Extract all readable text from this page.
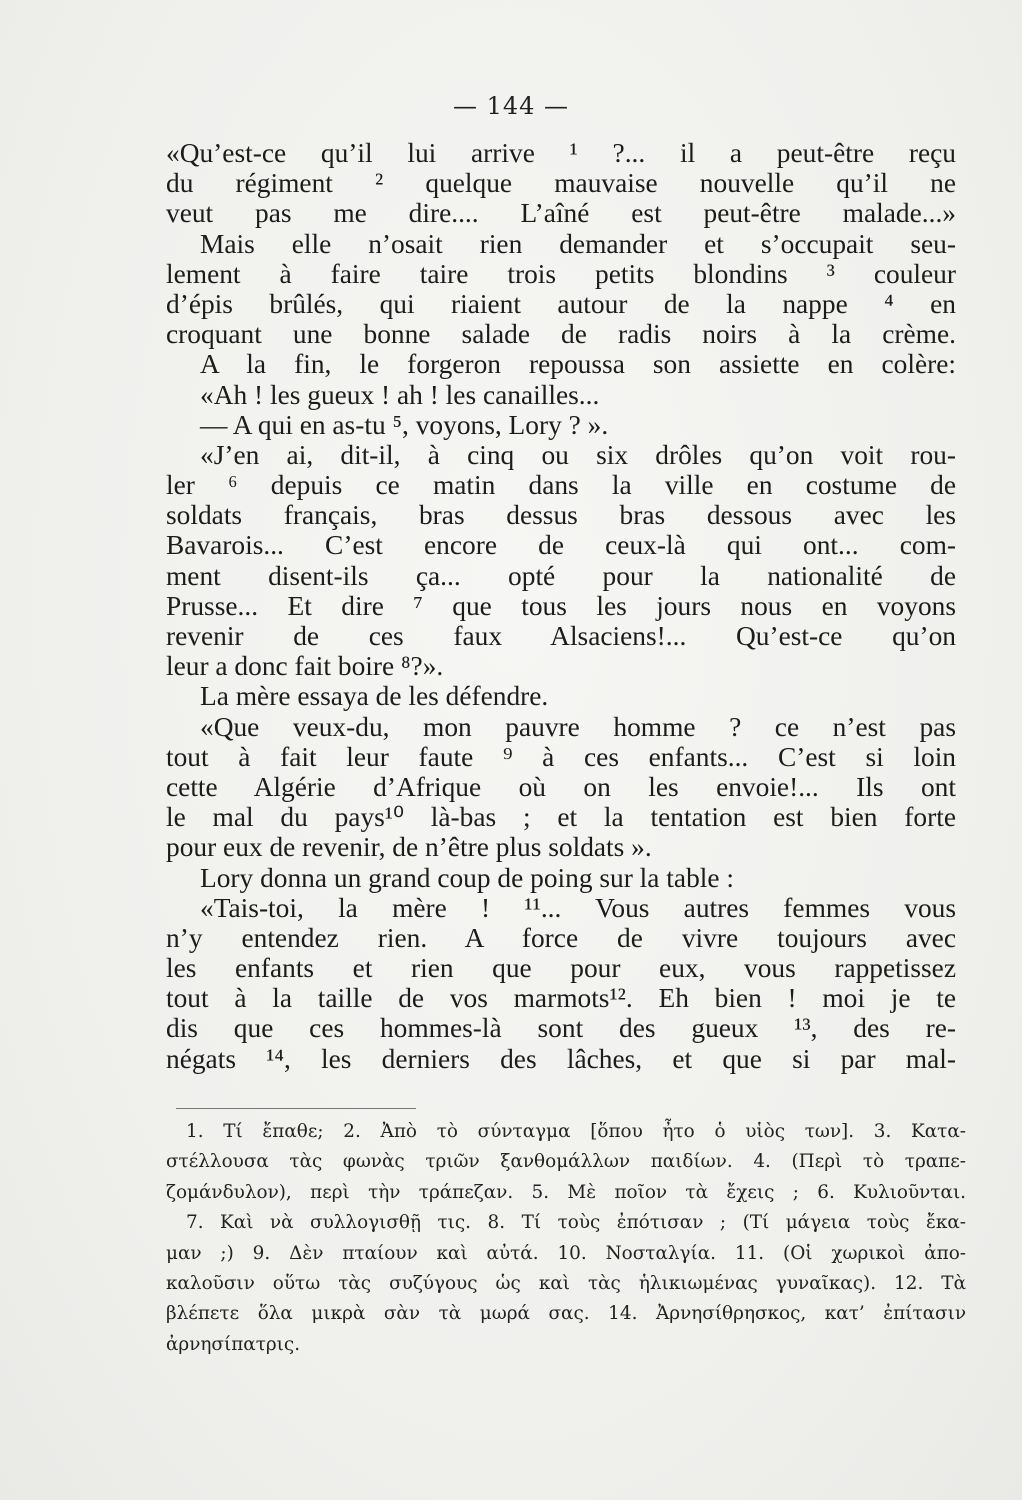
— 144 —
«Qu’est-ce qu’il lui arrive ¹ ?... il a peut-être reçu
du régiment ² quelque mauvaise nouvelle qu’il ne
veut pas me dire.... L’aîné est peut-être malade...»
Mais elle n’osait rien demander et s’occupait seu-
lement à faire taire trois petits blondins ³ couleur
d’épis brûlés, qui riaient autour de la nappe ⁴ en
croquant une bonne salade de radis noirs à la crème.
A la fin, le forgeron repoussa son assiette en colère:
«Ah ! les gueux ! ah ! les canailles...
— A qui en as-tu ⁵, voyons, Lory ? ».
«J’en ai, dit-il, à cinq ou six drôles qu’on voit rou-
ler ⁶ depuis ce matin dans la ville en costume de
soldats français, bras dessus bras dessous avec les
Bavarois... C’est encore de ceux-là qui ont... com-
ment disent-ils ça... opté pour la nationalité de
Prusse... Et dire ⁷ que tous les jours nous en voyons
revenir de ces faux Alsaciens!... Qu’est-ce qu’on
leur a donc fait boire ⁸?».
La mère essaya de les défendre.
«Que veux-du, mon pauvre homme ? ce n’est pas
tout à fait leur faute ⁹ à ces enfants... C’est si loin
cette Algérie d’Afrique où on les envoie!... Ils ont
le mal du pays¹⁰ là-bas ; et la tentation est bien forte
pour eux de revenir, de n’être plus soldats ».
Lory donna un grand coup de poing sur la table :
«Tais-toi, la mère ! ¹¹... Vous autres femmes vous
n’y entendez rien. A force de vivre toujours avec
les enfants et rien que pour eux, vous rappetissez
tout à la taille de vos marmots¹². Eh bien ! moi je te
dis que ces hommes-là sont des gueux ¹³, des re-
négats ¹⁴, les derniers des lâches, et que si par mal-
1. Τί ἔπαθε; 2. Ἀπὸ τὸ σύνταγμα [ὅπου ἦτο ὁ υἱὸς των]. 3. Κατα-
στέλλουσα τὰς φωνὰς τριῶν ξανθομάλλων παιδίων. 4. (Περὶ τὸ τραπε-
ζομάνδυλον), περὶ τὴν τράπεζαν. 5. Μὲ ποῖον τὰ ἔχεις ; 6. Κυλιοῦνται.
7. Καὶ νὰ συλλογισθῇ τις. 8. Τί τοὺς ἐπότισαν ; (Τί μάγεια τοὺς ἔκα-
μαν ;) 9. Δὲν πταίουν καὶ αὐτά. 10. Νοσταλγία. 11. (Οἱ χωρικοὶ ἀπο-
καλοῦσιν οὕτω τὰς συζύγους ὡς καὶ τὰς ἡλικιωμένας γυναῖκας). 12. Τὰ
βλέπετε ὅλα μικρὰ σὰν τὰ μωρά σας. 14. Ἀρνησίθρησκος, κατ’ ἐπίτασιν
ἀρνησίπατρις.
